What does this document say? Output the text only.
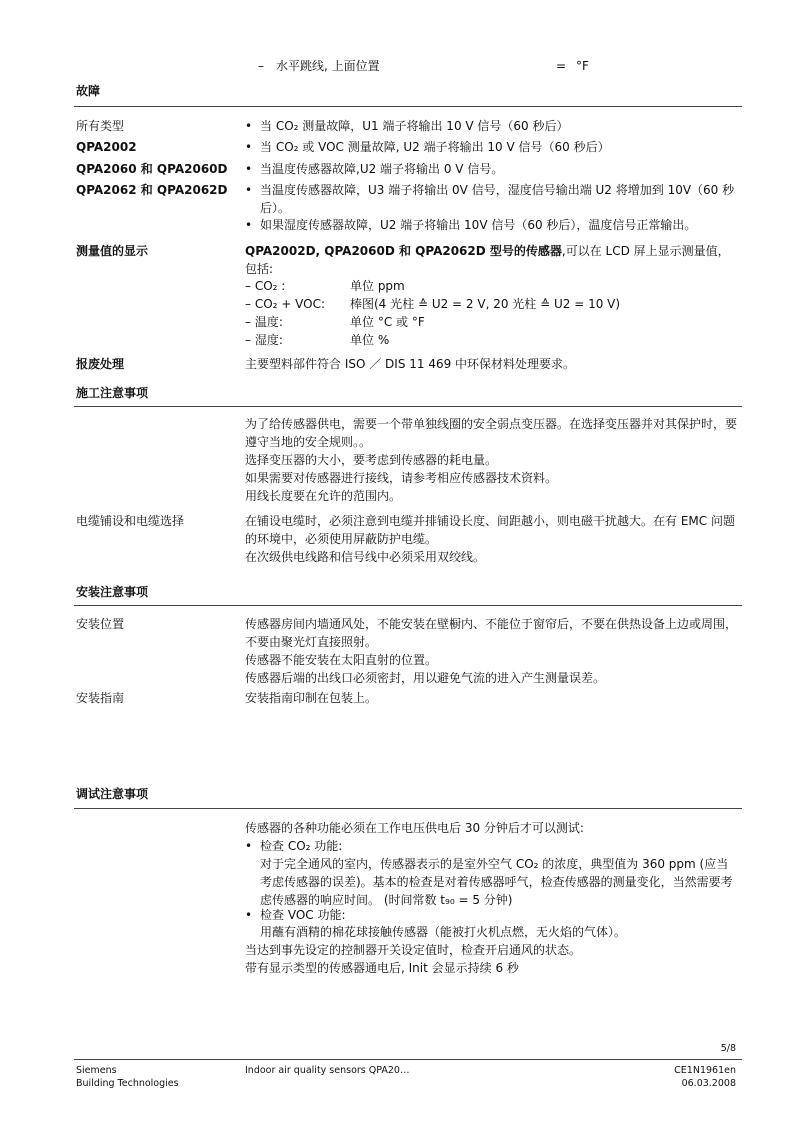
– 水平跳线, 上面位置	= °F
故障
所有类型	• 当 CO₂ 测量故障，U1 端子将输出 10 V 信号（60 秒后）
QPA2002	• 当 CO₂ 或 VOC 测量故障, U2 端子将输出 10 V 信号（60 秒后）
QPA2060 和 QPA2060D • 当温度传感器故障,U2 端子将输出 0 V 信号。
QPA2062 和 QPA2062D • 当温度传感器故障，U3 端子将输出 0V 信号，湿度信号输出端 U2 将增加到 10V（60 秒后）。
• 如果湿度传感器故障，U2 端子将输出 10V 信号（60 秒后），温度信号正常输出。
测量值的显示	QPA2002D, QPA2060D 和 QPA2062D 型号的传感器,可以在 LCD 屏上显示测量值，包括:
– CO₂ :	单位 ppm
– CO₂ + VOC: 棒图(4 光柱 ≙ U2 = 2 V, 20 光柱 ≙ U2 = 10 V)
– 温度:	单位 °C 或 °F
– 湿度:	单位 %
报废处理	主要塑料部件符合 ISO ／ DIS 11 469 中环保材料处理要求。
施工注意事项
为了给传感器供电，需要一个带单独线圈的安全弱点变压器。在选择变压器并对其保护时，要遵守当地的安全规则。。
选择变压器的大小，要考虑到传感器的耗电量。
如果需要对传感器进行接线，请参考相应传感器技术资料。
用线长度要在允许的范围内。
电缆铺设和电缆选择	在铺设电缆时，必须注意到电缆并排铺设长度、间距越小，则电磁干扰越大。在有 EMC 问题的环境中，必须使用屏蔽防护电缆。
在次级供电线路和信号线中必须采用双绞线。
安装注意事项
安装位置	传感器房间内墙通风处，不能安装在壁橱内、不能位于窗帘后，不要在供热设备上边或周围，不要由聚光灯直接照射。
传感器不能安装在太阳直射的位置。
传感器后端的出线口必须密封，用以避免气流的进入产生测量误差。
安装指南	安装指南印制在包装上。
调试注意事项
传感器的各种功能必须在工作电压供电后 30 分钟后才可以测试:
• 检查 CO₂ 功能:
对于完全通风的室内，传感器表示的是室外空气 CO₂ 的浓度，典型值为 360 ppm (应当考虑传感器的误差)。基本的检查是对着传感器呼气，检查传感器的测量变化，当然需要考虑传感器的响应时间。 (时间常数 t₉₀ = 5 分钟)
• 检查 VOC 功能:
用蘸有酒精的棉花球接触传感器（能被打火机点燃，无火焰的气体）。
当达到事先设定的控制器开关设定值时，检查开启通风的状态。
带有显示类型的传感器通电后, Init 会显示持续 6 秒
5/8
Siemens
Building Technologies
Indoor air quality sensors QPA20…	CE1N1961en
06.03.2008
